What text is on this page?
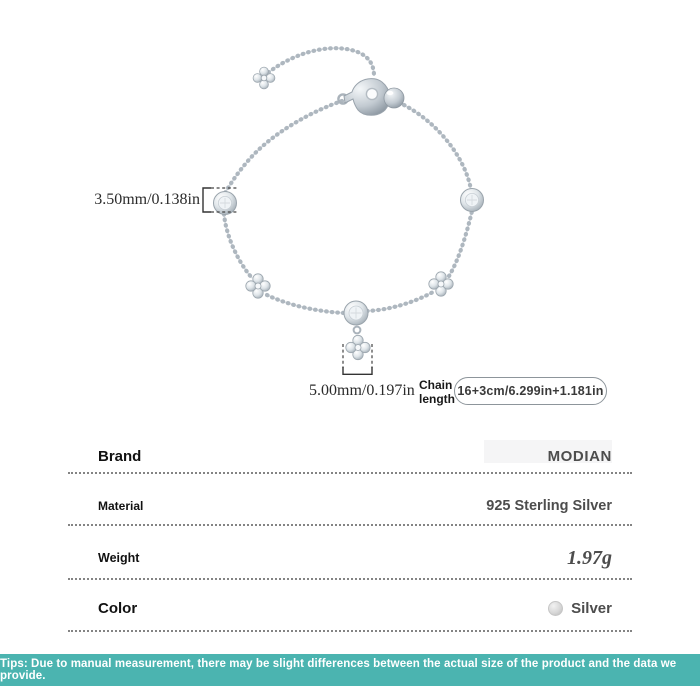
3.50mm/0.138in
5.00mm/0.197in Chain length
16+3cm/6.299in+1.181in
Brand	MODIAN
Material	925 Sterling Silver
Weight	1.97g
Color	Silver
Tips: Due to manual measurement, there may be slight differences between the actual size of the product and the data we provide.
